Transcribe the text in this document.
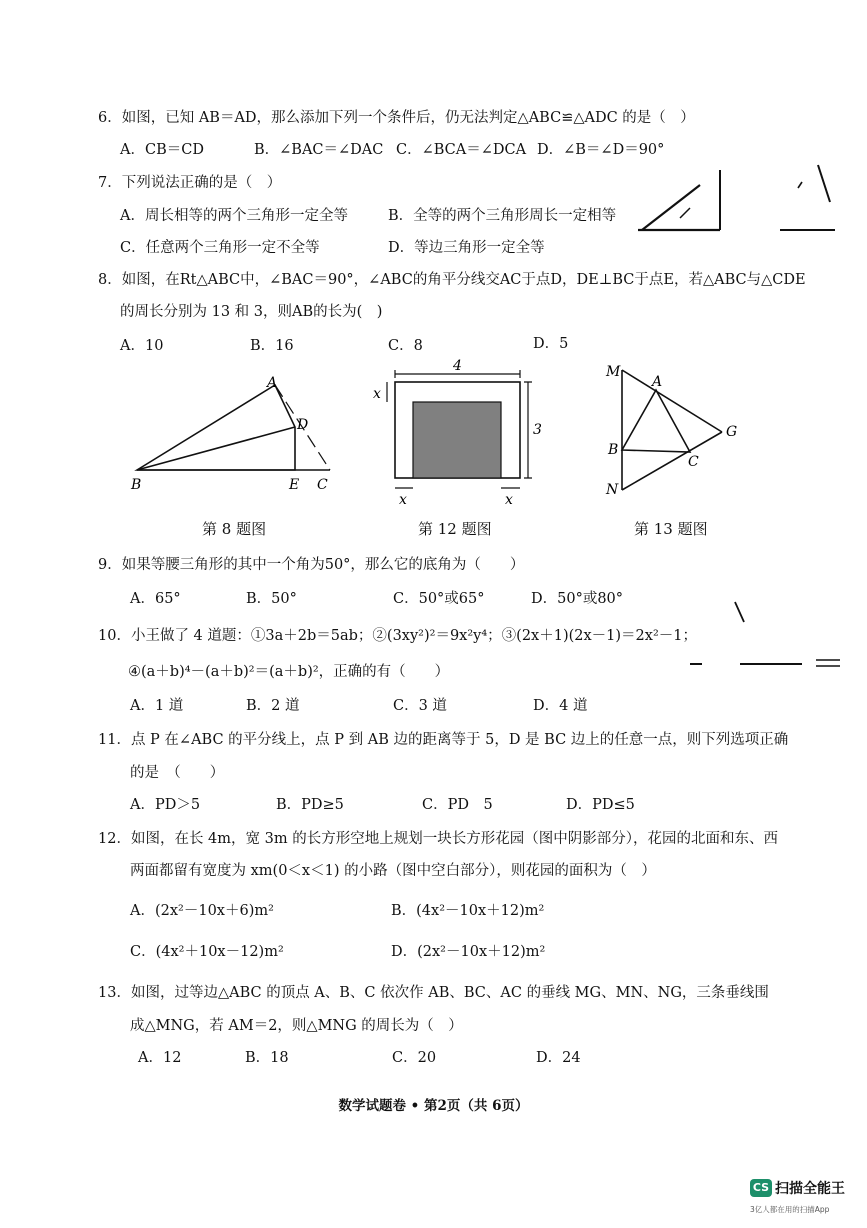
6．如图，已知 AB＝AD，那么添加下列一个条件后，仍无法判定△ABC≌△ADC 的是（　）
A．CB＝CD	B．∠BAC＝∠DAC C．∠BCA＝∠DCA D．∠B＝∠D＝90°
7．下列说法正确的是（　）
A．周长相等的两个三角形一定全等	B．全等的两个三角形周长一定相等
C．任意两个三角形一定不全等	D．等边三角形一定全等
8．如图，在Rt△ABC中，∠BAC＝90°，∠ABC的角平分线交AC于点D，DE⊥BC于点E，若△ABC与△CDE
的周长分别为 13 和 3，则AB的长为(　)
A．10	B．16	C．8	D．5
A
D
B	E C
第 8 题图
4
3
x
x	x
第 12 题图
M
A
G
B
C
N
第 13 题图
9．如果等腰三角形的其中一个角为50°，那么它的底角为（　　）
A．65°	B．50°	C．50°或65°	D．50°或80°
10．小王做了 4 道题：①3a＋2b＝5ab；②(3xy²)²＝9x²y⁴；③(2x＋1)(2x－1)＝2x²－1；
④(a＋b)⁴－(a＋b)²＝(a＋b)²，正确的有（　　）
A．1 道	B．2 道	C．3 道	D．4 道
11．点 P 在∠ABC 的平分线上，点 P 到 AB 边的距离等于 5，D 是 BC 边上的任意一点，则下列选项正确
的是　（　　）
A．PD＞5	B．PD≥5	C．PD　5	D．PD≤5
12．如图，在长 4m，宽 3m 的长方形空地上规划一块长方形花园（图中阴影部分），花园的北面和东、西
两面都留有宽度为 xm(0＜x＜1) 的小路（图中空白部分），则花园的面积为（　）
A．(2x²－10x＋6)m²	B．(4x²－10x＋12)m²
C．(4x²＋10x－12)m²	D．(2x²－10x＋12)m²
13．如图，过等边△ABC 的顶点 A、B、C 依次作 AB、BC、AC 的垂线 MG、MN、NG，三条垂线围
成△MNG，若 AM＝2，则△MNG 的周长为（　）
A．12	B．18	C．20	D．24
数学试题卷 • 第2页（共 6页）
CS 扫描全能王
3亿人都在用的扫描App
